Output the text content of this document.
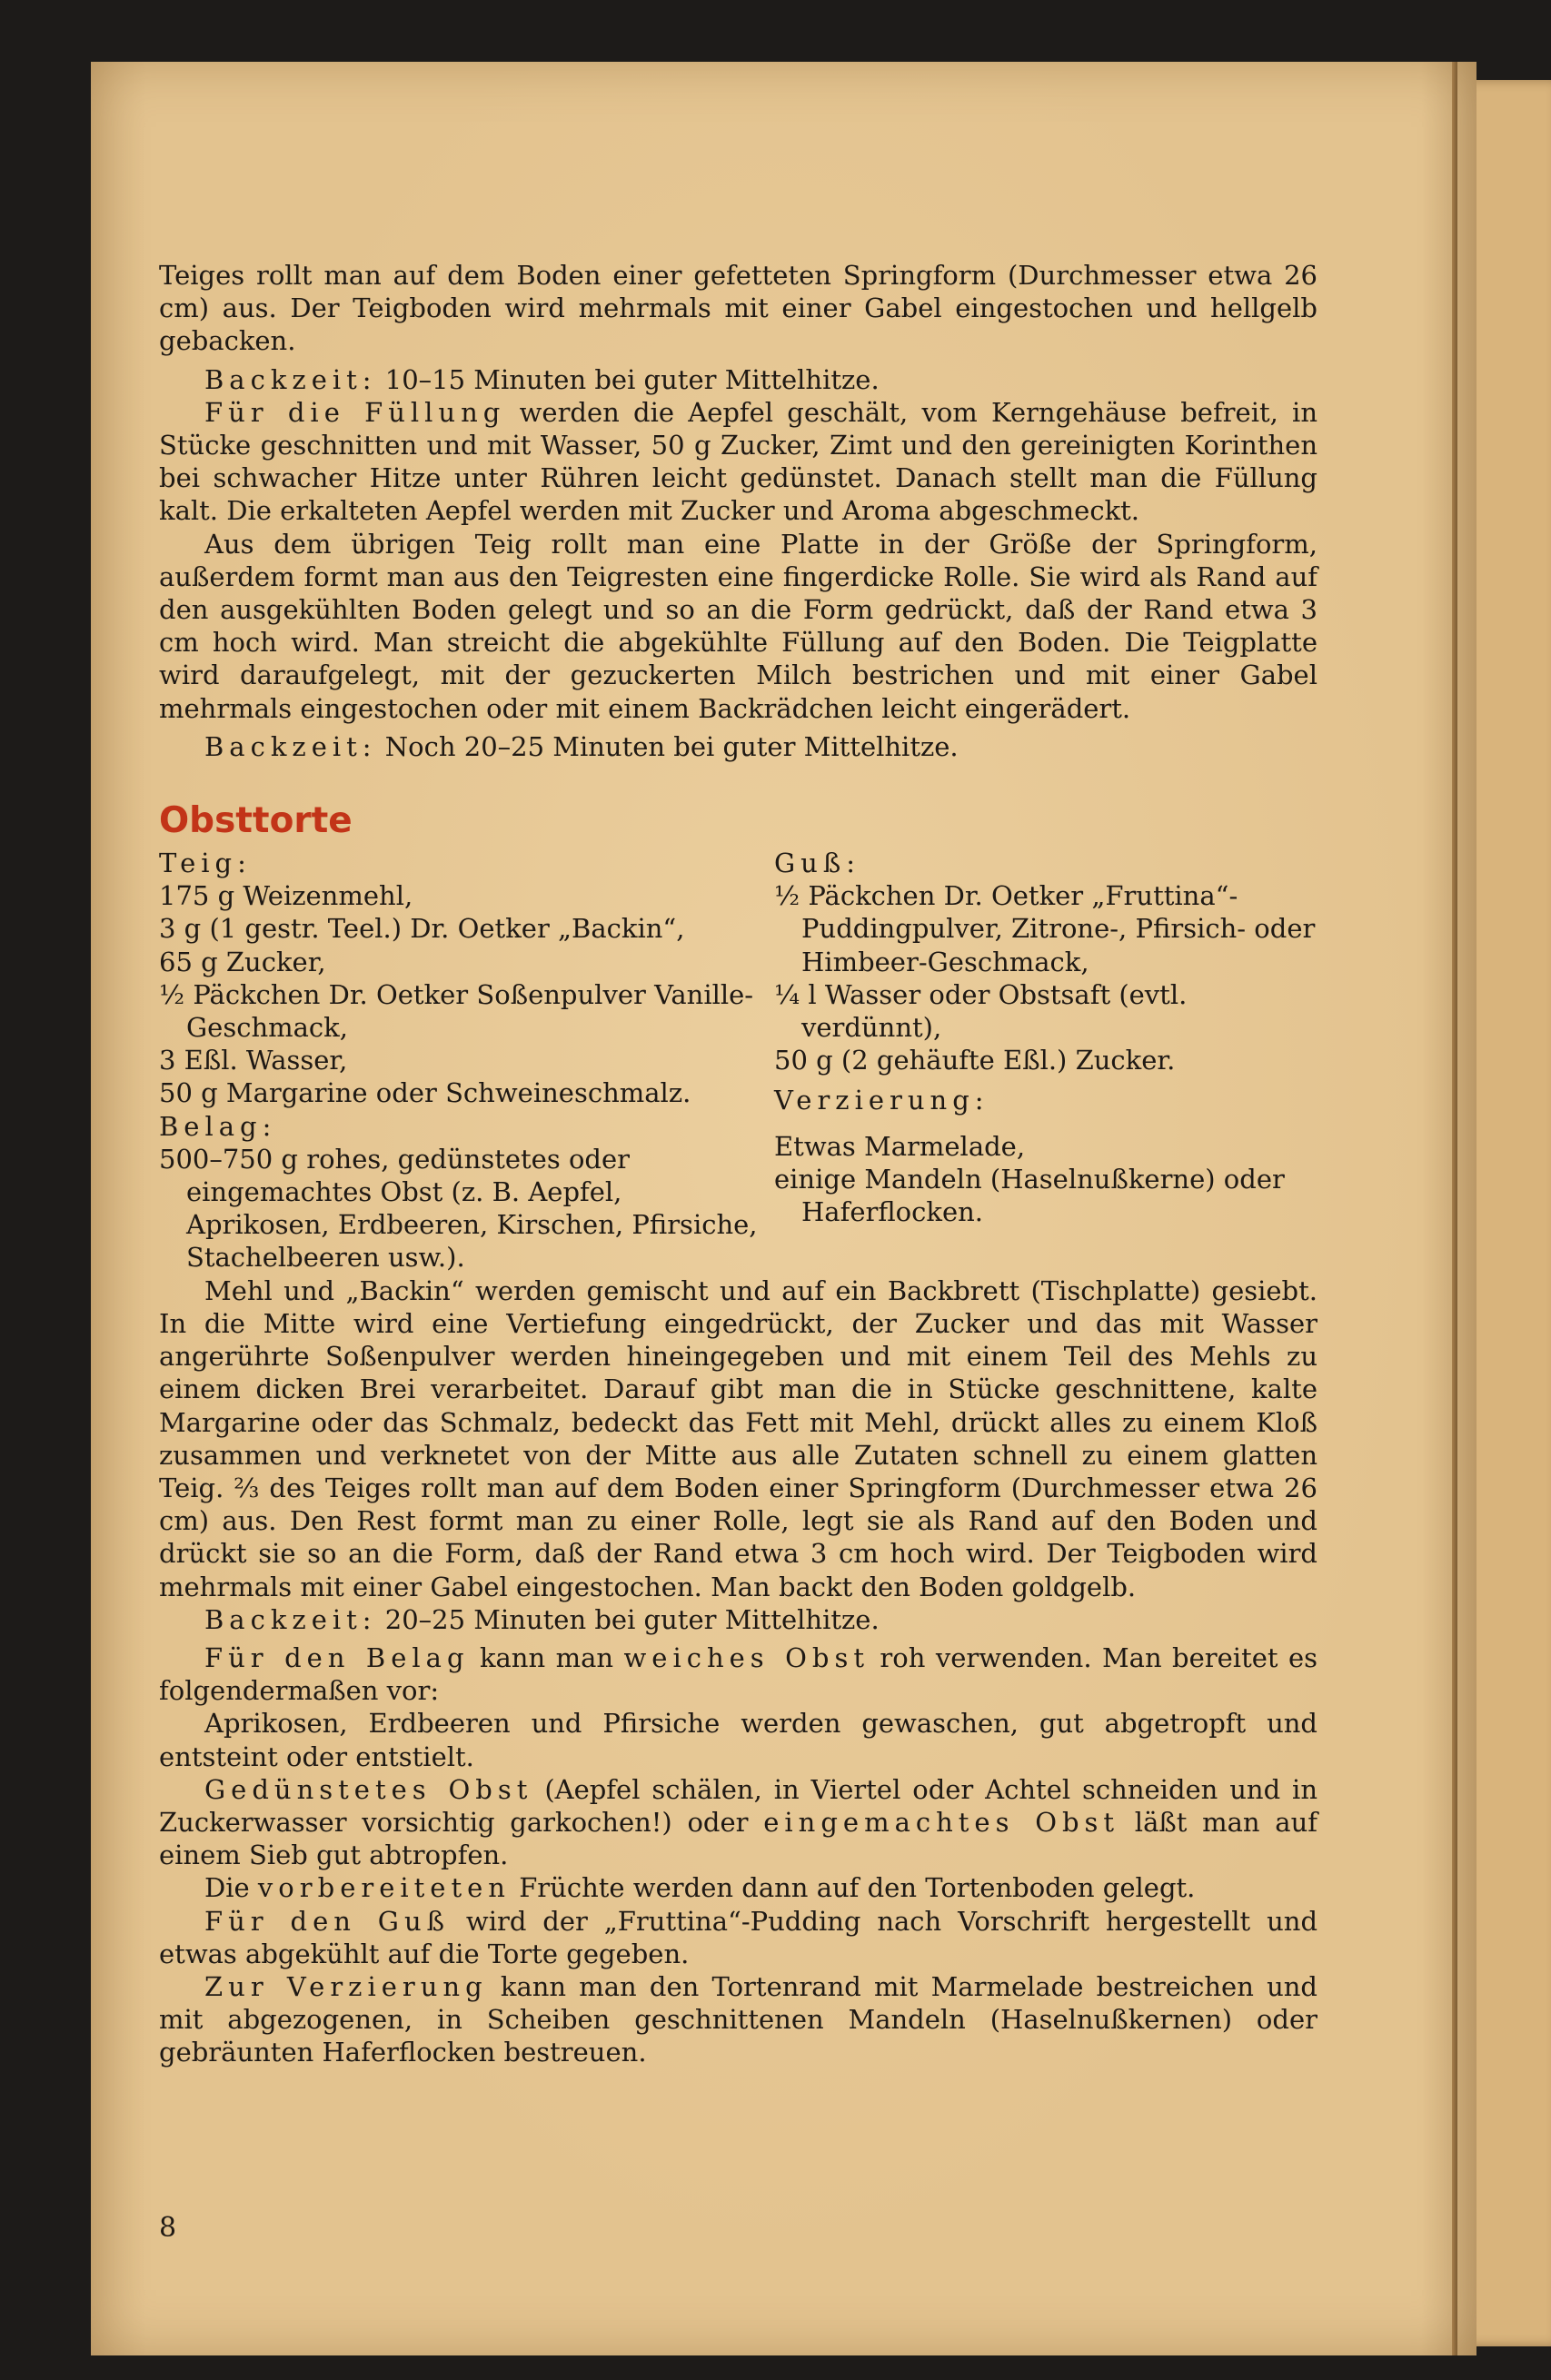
Teiges rollt man auf dem Boden einer gefetteten Springform (Durchmesser etwa 26 cm) aus. Der Teigboden wird mehrmals mit einer Gabel eingestochen und hellgelb gebacken.

Backzeit: 10–15 Minuten bei guter Mittelhitze.

Für die Füllung werden die Aepfel geschält, vom Kerngehäuse befreit, in Stücke geschnitten und mit Wasser, 50 g Zucker, Zimt und den gereinigten Korinthen bei schwacher Hitze unter Rühren leicht gedünstet. Danach stellt man die Füllung kalt. Die erkalteten Aepfel werden mit Zucker und Aroma abgeschmeckt.

Aus dem übrigen Teig rollt man eine Platte in der Größe der Springform, außerdem formt man aus den Teigresten eine fingerdicke Rolle. Sie wird als Rand auf den ausgekühlten Boden gelegt und so an die Form gedrückt, daß der Rand etwa 3 cm hoch wird. Man streicht die abgekühlte Füllung auf den Boden. Die Teigplatte wird daraufgelegt, mit der gezuckerten Milch bestrichen und mit einer Gabel mehrmals eingestochen oder mit einem Backrädchen leicht eingerädert.

Backzeit: Noch 20–25 Minuten bei guter Mittelhitze.

Obsttorte

Teig:

175 g Weizenmehl,

3 g (1 gestr. Teel.) Dr. Oetker „Backin“,

65 g Zucker,

½ Päckchen Dr. Oetker Soßenpulver Vanille-Geschmack,

3 Eßl. Wasser,

50 g Margarine oder Schweineschmalz.

Belag:

500–750 g rohes, gedünstetes oder eingemachtes Obst (z. B. Aepfel, Aprikosen, Erdbeeren, Kirschen, Pfirsiche, Stachelbeeren usw.).

Guß:

½ Päckchen Dr. Oetker „Fruttina“-Puddingpulver, Zitrone-, Pfirsich- oder Himbeer-Geschmack,

¼ l Wasser oder Obstsaft (evtl. verdünnt),

50 g (2 gehäufte Eßl.) Zucker.

Verzierung:

Etwas Marmelade,

einige Mandeln (Haselnußkerne) oder Haferflocken.

Mehl und „Backin“ werden gemischt und auf ein Backbrett (Tischplatte) gesiebt. In die Mitte wird eine Vertiefung eingedrückt, der Zucker und das mit Wasser angerührte Soßenpulver werden hineingegeben und mit einem Teil des Mehls zu einem dicken Brei verarbeitet. Darauf gibt man die in Stücke geschnittene, kalte Margarine oder das Schmalz, bedeckt das Fett mit Mehl, drückt alles zu einem Kloß zusammen und verknetet von der Mitte aus alle Zutaten schnell zu einem glatten Teig. ⅔ des Teiges rollt man auf dem Boden einer Springform (Durchmesser etwa 26 cm) aus. Den Rest formt man zu einer Rolle, legt sie als Rand auf den Boden und drückt sie so an die Form, daß der Rand etwa 3 cm hoch wird. Der Teigboden wird mehrmals mit einer Gabel eingestochen. Man backt den Boden goldgelb.

Backzeit: 20–25 Minuten bei guter Mittelhitze.

Für den Belag kann man weiches Obst roh verwenden. Man bereitet es folgendermaßen vor:

Aprikosen, Erdbeeren und Pfirsiche werden gewaschen, gut abgetropft und entsteint oder entstielt.

Gedünstetes Obst (Aepfel schälen, in Viertel oder Achtel schneiden und in Zuckerwasser vorsichtig garkochen!) oder eingemachtes Obst läßt man auf einem Sieb gut abtropfen.

Die vorbereiteten Früchte werden dann auf den Tortenboden gelegt.

Für den Guß wird der „Fruttina“-Pudding nach Vorschrift hergestellt und etwas abgekühlt auf die Torte gegeben.

Zur Verzierung kann man den Tortenrand mit Marmelade bestreichen und mit abgezogenen, in Scheiben geschnittenen Mandeln (Haselnußkernen) oder gebräunten Haferflocken bestreuen.

8
